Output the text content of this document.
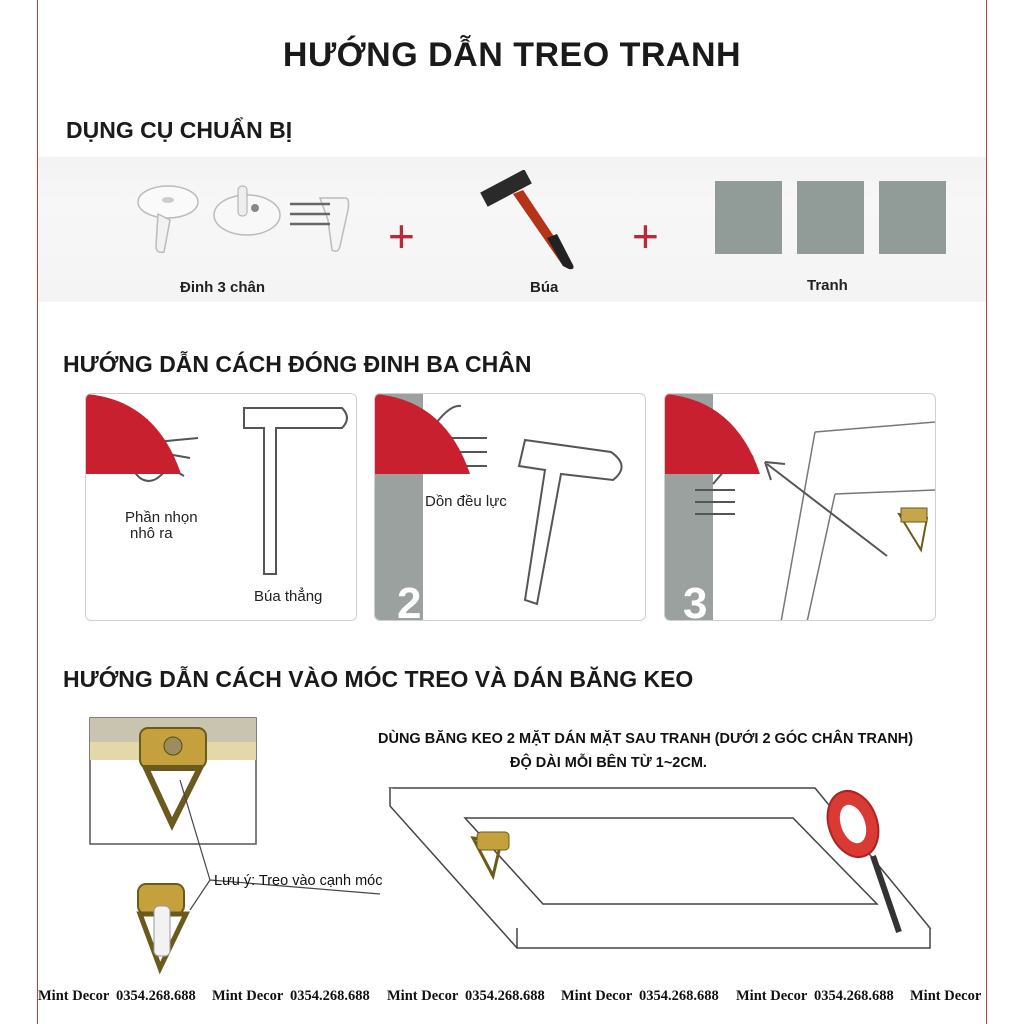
HƯỚNG DẪN TREO TRANH
DỤNG CỤ CHUẨN BỊ
Đinh 3 chân
+
Búa
+
Tranh
HƯỚNG DẪN CÁCH ĐÓNG ĐINH BA CHÂN
1
Phần nhọn
nhô ra
Búa thẳng 2
Dồn đều lực
3
HƯỚNG DẪN CÁCH VÀO MÓC TREO VÀ DÁN BĂNG KEO
Lưu ý: Treo vào cạnh móc
DÙNG BĂNG KEO 2 MẶT DÁN MẶT SAU TRANH (DƯỚI 2 GÓC CHÂN TRANH)
ĐỘ DÀI MỖI BÊN TỪ 1~2CM.
Mint Decor 0354.268.688 Mint Decor 0354.268.688 Mint Decor 0354.268.688 Mint Decor 0354.268.688 Mint Decor 0354.268.688 Mint Decor
